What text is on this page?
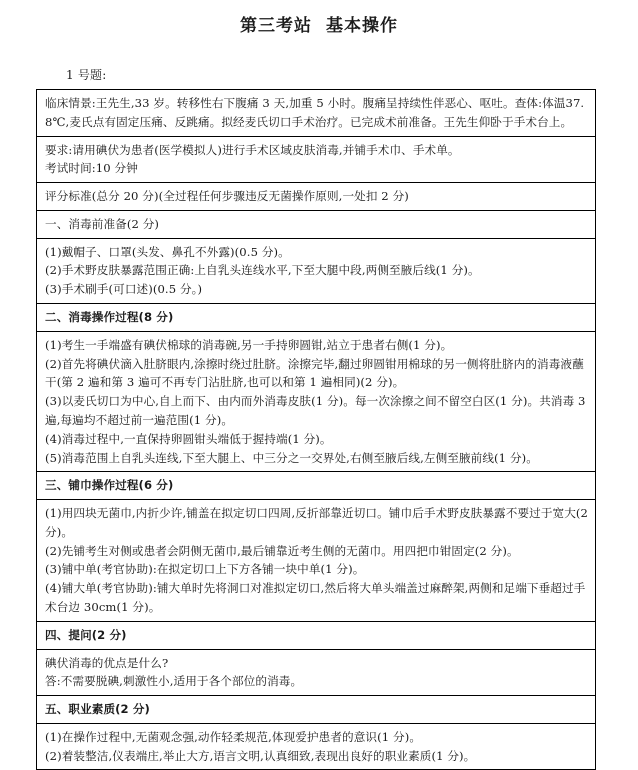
第三考站 基本操作
1 号题:
临床情景:王先生,33 岁。转移性右下腹痛 3 天,加重 5 小时。腹痛呈持续性伴恶心、呕吐。查体:体温37.8℃,麦氏点有固定压痛、反跳痛。拟经麦氏切口手术治疗。已完成术前准备。王先生仰卧于手术台上。

要求:请用碘伏为患者(医学模拟人)进行手术区域皮肤消毒,并铺手术巾、手术单。
考试时间:10 分钟

评分标准(总分 20 分)(全过程任何步骤违反无菌操作原则,一处扣 2 分)

一、消毒前准备(2 分)

(1)戴帽子、口罩(头发、鼻孔不外露)(0.5 分)。
(2)手术野皮肤暴露范围正确:上自乳头连线水平,下至大腿中段,两侧至腋后线(1 分)。
(3)手术刷手(可口述)(0.5 分。)

二、消毒操作过程(8 分)

(1)考生一手端盛有碘伏棉球的消毒碗,另一手持卵圆钳,站立于患者右侧(1 分)。
(2)首先将碘伏滴入肚脐眼内,涂擦时绕过肚脐。涂擦完毕,翻过卵圆钳用棉球的另一侧将肚脐内的消毒液蘸干(第 2 遍和第 3 遍可不再专门沾肚脐,也可以和第 1 遍相同)(2 分)。
(3)以麦氏切口为中心,自上而下、由内而外消毒皮肤(1 分)。每一次涂擦之间不留空白区(1 分)。共消毒 3 遍,每遍均不超过前一遍范围(1 分)。
(4)消毒过程中,一直保持卵圆钳头端低于握持端(1 分)。
(5)消毒范围上自乳头连线,下至大腿上、中三分之一交界处,右侧至腋后线,左侧至腋前线(1 分)。

三、铺巾操作过程(6 分)

(1)用四块无菌巾,内折少许,铺盖在拟定切口四周,反折部靠近切口。铺巾后手术野皮肤暴露不要过于宽大(2 分)。
(2)先铺考生对侧或患者会阴侧无菌巾,最后铺靠近考生侧的无菌巾。用四把巾钳固定(2 分)。
(3)铺中单(考官协助):在拟定切口上下方各铺一块中单(1 分)。
(4)铺大单(考官协助):铺大单时先将洞口对准拟定切口,然后将大单头端盖过麻醉架,两侧和足端下垂超过手术台边 30cm(1 分)。

四、提问(2 分)

碘伏消毒的优点是什么?
答:不需要脱碘,刺激性小,适用于各个部位的消毒。

五、职业素质(2 分)

(1)在操作过程中,无菌观念强,动作轻柔规范,体现爱护患者的意识(1 分)。
(2)着装整洁,仪表端庄,举止大方,语言文明,认真细致,表现出良好的职业素质(1 分)。
